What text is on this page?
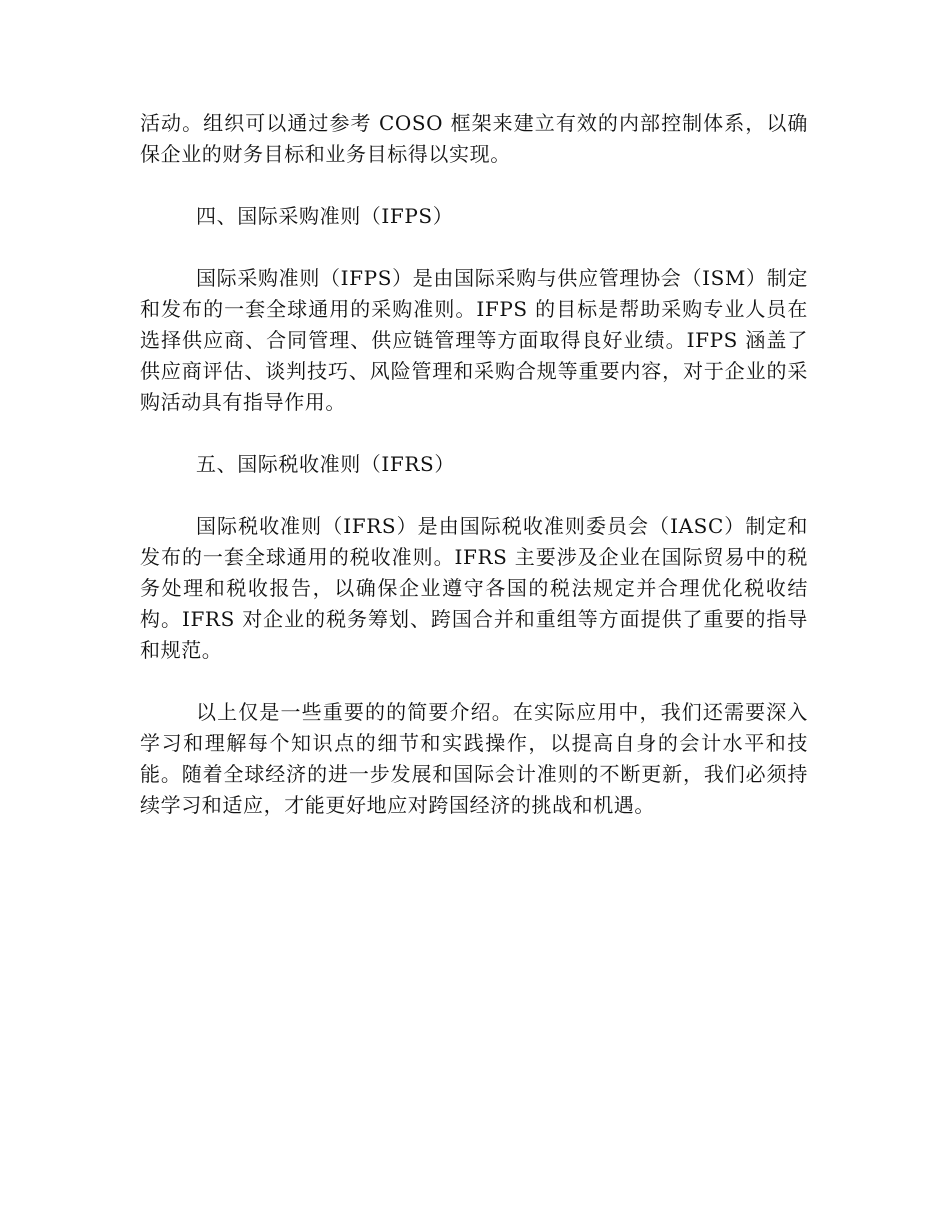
活动。组织可以通过参考 COSO 框架来建立有效的内部控制体系，以确保企业的财务目标和业务目标得以实现。

四、国际采购准则（IFPS）

国际采购准则（IFPS）是由国际采购与供应管理协会（ISM）制定和发布的一套全球通用的采购准则。IFPS 的目标是帮助采购专业人员在选择供应商、合同管理、供应链管理等方面取得良好业绩。IFPS 涵盖了供应商评估、谈判技巧、风险管理和采购合规等重要内容，对于企业的采购活动具有指导作用。

五、国际税收准则（IFRS）

国际税收准则（IFRS）是由国际税收准则委员会（IASC）制定和发布的一套全球通用的税收准则。IFRS 主要涉及企业在国际贸易中的税务处理和税收报告，以确保企业遵守各国的税法规定并合理优化税收结构。IFRS 对企业的税务筹划、跨国合并和重组等方面提供了重要的指导和规范。

以上仅是一些重要的的简要介绍。在实际应用中，我们还需要深入学习和理解每个知识点的细节和实践操作，以提高自身的会计水平和技能。随着全球经济的进一步发展和国际会计准则的不断更新，我们必须持续学习和适应，才能更好地应对跨国经济的挑战和机遇。
